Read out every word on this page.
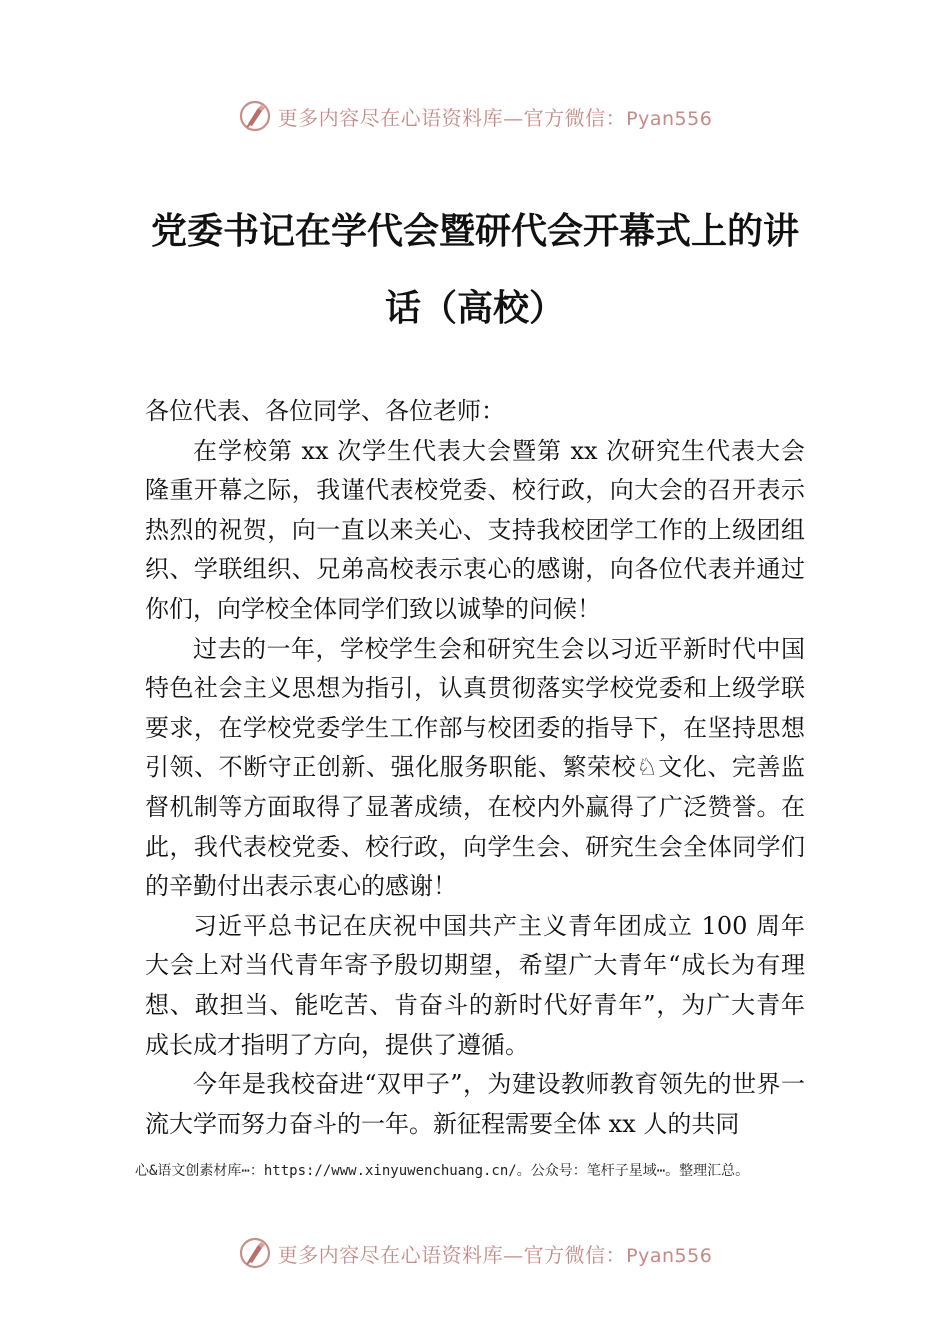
更多内容尽在心语资料库—官方微信：Pyan556
党委书记在学代会暨研代会开幕式上的讲
话（高校）

各位代表、各位同学、各位老师：

在学校第 xx 次学生代表大会暨第 xx 次研究生代表大会隆重开幕之际，我谨代表校党委、校行政，向大会的召开表示热烈的祝贺，向一直以来关心、支持我校团学工作的上级团组织、学联组织、兄弟高校表示衷心的感谢，向各位代表并通过你们，向学校全体同学们致以诚挚的问候！

过去的一年，学校学生会和研究生会以习近平新时代中国特色社会主义思想为指引，认真贯彻落实学校党委和上级学联要求，在学校党委学生工作部与校团委的指导下，在坚持思想引领、不断守正创新、强化服务职能、繁荣校♘文化、完善监督机制等方面取得了显著成绩，在校内外赢得了广泛赞誉。在此，我代表校党委、校行政，向学生会、研究生会全体同学们的辛勤付出表示衷心的感谢！

习近平总书记在庆祝中国共产主义青年团成立 100 周年大会上对当代青年寄予殷切期望，希望广大青年“成长为有理想、敢担当、能吃苦、肯奋斗的新时代好青年”，为广大青年成长成才指明了方向，提供了遵循。

今年是我校奋进“双甲子”，为建设教师教育领先的世界一流大学而努力奋斗的一年。新征程需要全体 xx 人的共同

心&语文创素材库⋯：https://www.xinyuwenchuang.cn/。公众号：笔杆子星域⋯。整理汇总。
更多内容尽在心语资料库—官方微信：Pyan556
